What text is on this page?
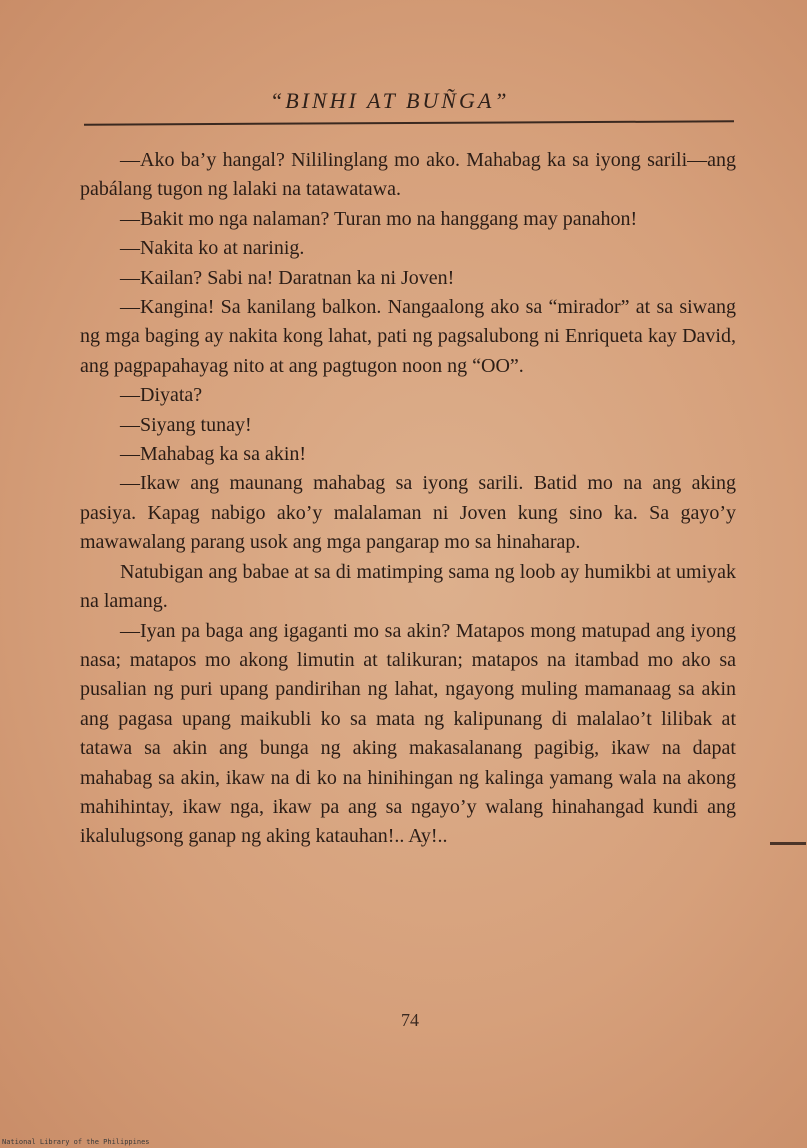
“BINHI AT BUÑGA”

—Ako ba’y hangal? Nililinglang mo ako. Mahabag ka sa iyong sarili—ang pabálang tugon ng lalaki na tatawatawa.

—Bakit mo nga nalaman? Turan mo na hanggang may panahon!

—Nakita ko at narinig.

—Kailan? Sabi na! Daratnan ka ni Joven!

—Kangina! Sa kanilang balkon. Nangaalong ako sa “mirador” at sa siwang ng mga baging ay nakita kong lahat, pati ng pagsalubong ni Enriqueta kay David, ang pagpapahayag nito at ang pagtugon noon ng “OO”.

—Diyata?

—Siyang tunay!

—Mahabag ka sa akin!

—Ikaw ang maunang mahabag sa iyong sarili. Batid mo na ang aking pasiya. Kapag nabigo ako’y malalaman ni Joven kung sino ka. Sa gayo’y mawawalang parang usok ang mga pangarap mo sa hinaharap.

Natubigan ang babae at sa di matimping sama ng loob ay humikbi at umiyak na lamang.

—Iyan pa baga ang igaganti mo sa akin? Matapos mong matupad ang iyong nasa; matapos mo akong limutin at talikuran; matapos na itambad mo ako sa pusalian ng puri upang pandirihan ng lahat, ngayong muling mamanaag sa akin ang pagasa upang maikubli ko sa mata ng kalipunang di malalao’t lilibak at tatawa sa akin ang bunga ng aking makasalanang pagibig, ikaw na dapat mahabag sa akin, ikaw na di ko na hinihingan ng kalinga yamang wala na akong mahihintay, ikaw nga, ikaw pa ang sa ngayo’y walang hinahangad kundi ang ikalulugsong ganap ng aking katauhan!.. Ay!..

74
National Library of the Philippines
